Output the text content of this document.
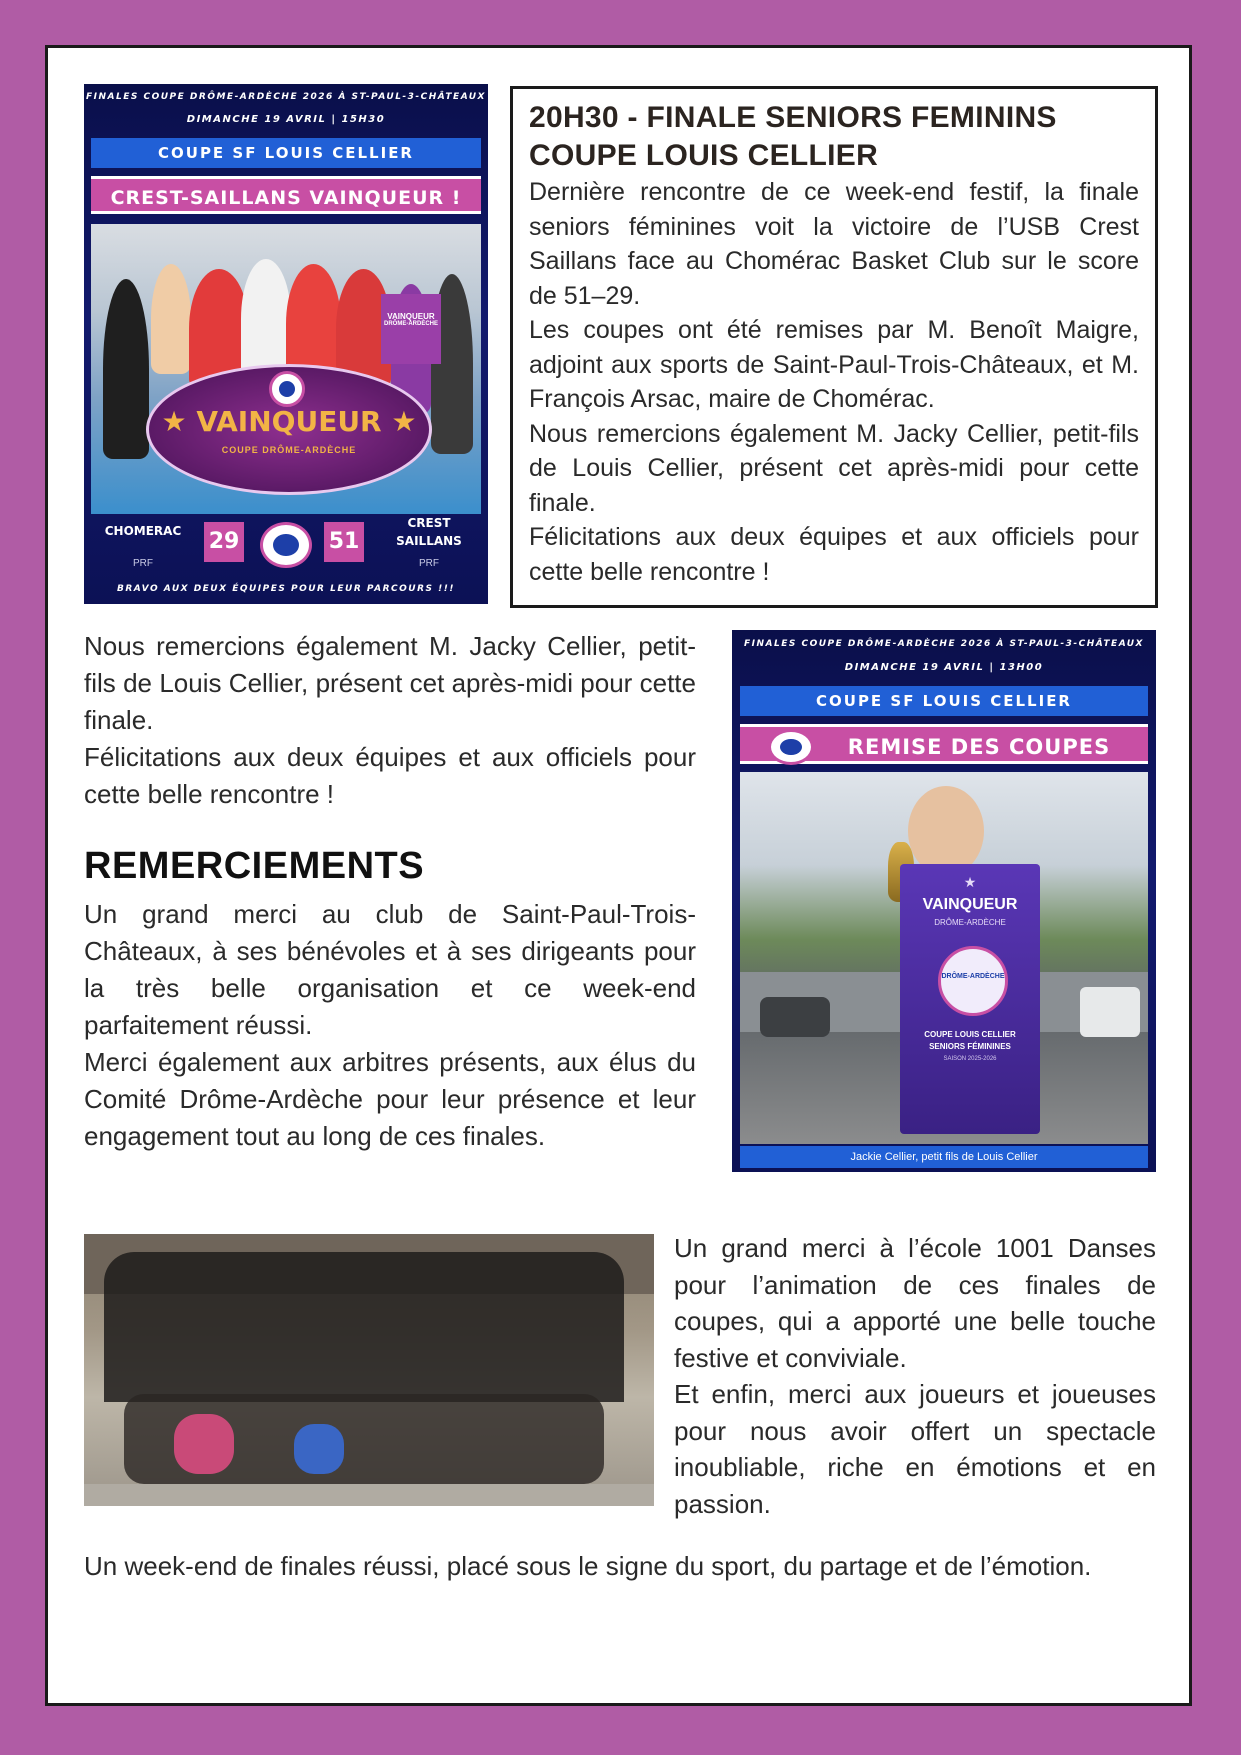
FINALES COUPE DRÔME-ARDÈCHE 2026 À ST-PAUL-3-CHÂTEAUX
DIMANCHE 19 AVRIL | 15H30
COUPE SF LOUIS CELLIER
CREST-SAILLANS VAINQUEUR !
VAINQUEUR
DRÔME-ARDÈCHE
★ VAINQUEUR ★
COUPE DRÔME-ARDÈCHE
CHOMERAC
PRF
29	51
CREST
SAILLANS
PRF
BRAVO AUX DEUX ÉQUIPES POUR LEUR PARCOURS !!!
20H30 - FINALE SENIORS FEMININS
COUPE LOUIS CELLIER

Dernière rencontre de ce week-end festif, la finale seniors féminines voit la victoire de l’USB Crest Saillans face au Chomérac Basket Club sur le score de 51–29.

Les coupes ont été remises par M. Benoît Maigre, adjoint aux sports de Saint-Paul-Trois-Châteaux, et M. François Arsac, maire de Chomérac.

Nous remercions également M. Jacky Cellier, petit-fils de Louis Cellier, présent cet après-midi pour cette finale.

Félicitations aux deux équipes et aux officiels pour cette belle rencontre !

Nous remercions également M. Jacky Cellier, petit-fils de Louis Cellier, présent cet après-midi pour cette finale.

Félicitations aux deux équipes et aux officiels pour cette belle rencontre !

REMERCIEMENTS

Un grand merci au club de Saint-Paul-Trois-Châteaux, à ses bénévoles et à ses dirigeants pour la très belle organisation et ce week-end parfaitement réussi.

Merci également aux arbitres présents, aux élus du Comité Drôme-Ardèche pour leur présence et leur engagement tout au long de ces finales.

FINALES COUPE DRÔME-ARDÈCHE 2026 À ST-PAUL-3-CHÂTEAUX
DIMANCHE 19 AVRIL | 13H00
COUPE SF LOUIS CELLIER
REMISE DES COUPES
★
VAINQUEUR
DRÔME-ARDÈCHE
DRÔME-ARDÈCHE
COUPE LOUIS CELLIER
SENIORS FÉMININES
SAISON 2025-2026
Jackie Cellier, petit fils de Louis Cellier

Un grand merci à l’école 1001 Danses pour l’animation de ces finales de coupes, qui a apporté une belle touche festive et conviviale.

Et enfin, merci aux joueurs et joueuses pour nous avoir offert un spectacle inoubliable, riche en émotions et en passion.

Un week-end de finales réussi, placé sous le signe du sport, du partage et de l’émotion.
